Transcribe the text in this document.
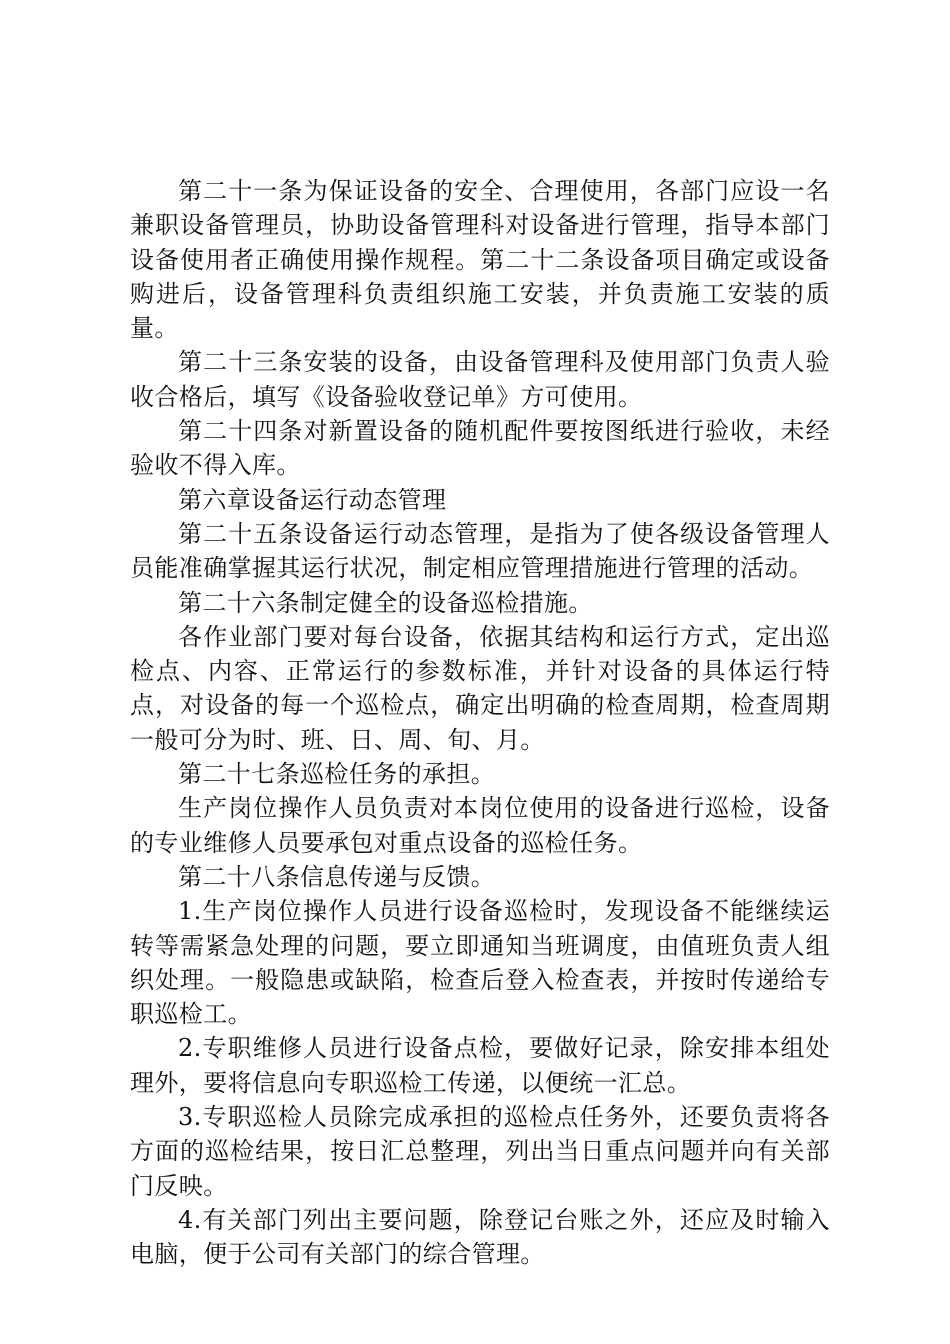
第二十一条为保证设备的安全、合理使用，各部门应设一名兼职设备管理员，协助设备管理科对设备进行管理，指导本部门设备使用者正确使用操作规程。第二十二条设备项目确定或设备购进后，设备管理科负责组织施工安装，并负责施工安装的质量。

第二十三条安装的设备，由设备管理科及使用部门负责人验收合格后，填写《设备验收登记单》方可使用。

第二十四条对新置设备的随机配件要按图纸进行验收，未经验收不得入库。

第六章设备运行动态管理

第二十五条设备运行动态管理，是指为了使各级设备管理人员能准确掌握其运行状况，制定相应管理措施进行管理的活动。

第二十六条制定健全的设备巡检措施。

各作业部门要对每台设备，依据其结构和运行方式，定出巡检点、内容、正常运行的参数标准，并针对设备的具体运行特点，对设备的每一个巡检点，确定出明确的检查周期，检查周期一般可分为时、班、日、周、旬、月。

第二十七条巡检任务的承担。

生产岗位操作人员负责对本岗位使用的设备进行巡检，设备的专业维修人员要承包对重点设备的巡检任务。

第二十八条信息传递与反馈。

1.生产岗位操作人员进行设备巡检时，发现设备不能继续运转等需紧急处理的问题，要立即通知当班调度，由值班负责人组织处理。一般隐患或缺陷，检查后登入检查表，并按时传递给专职巡检工。

2.专职维修人员进行设备点检，要做好记录，除安排本组处理外，要将信息向专职巡检工传递，以便统一汇总。

3.专职巡检人员除完成承担的巡检点任务外，还要负责将各方面的巡检结果，按日汇总整理，列出当日重点问题并向有关部门反映。

4.有关部门列出主要问题，除登记台账之外，还应及时输入电脑，便于公司有关部门的综合管理。
